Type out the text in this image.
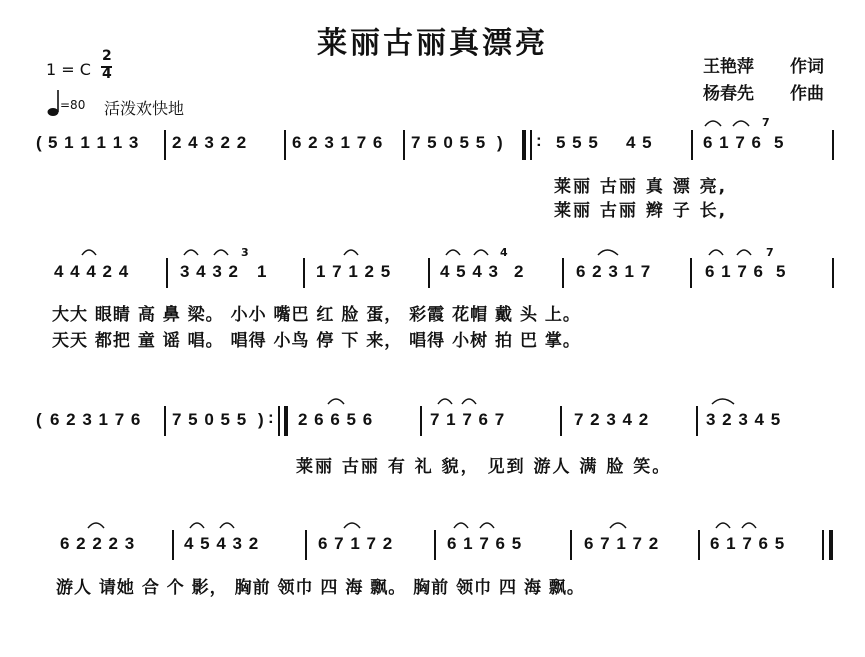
莱丽古丽真漂亮
王艳萍 作词
杨春先 作曲
1 = C
2
4
=80 活泼欢快地
( 5 1 1 1 1 3 2 4 3 2 2	6 2 3 1 7 6 7 5 0 5 5 ) : 5 5 5 4 5	6 1 7 6 5
7
莱丽 古丽 真 漂 亮,
莱丽 古丽 辫 子 长,
4 4 4 2 4	3 4 3 2 1
3
1 7 1 2 5	4 5 4 3 2
4
6 2 3 1 7	6 1 7 6 5
7
大大 眼睛 高 鼻 梁。 小小 嘴巴 红 脸 蛋， 彩霞 花帽 戴 头 上。
天天 都把 童 谣 唱。 唱得 小鸟 停 下 来， 唱得 小树 拍 巴 掌。
( 6 2 3 1 7 6 7 5 0 5 5 ) : 2 6 6 5 6	7 1 7 6 7	7 2 3 4 2	3 2 3 4 5
莱丽 古丽 有 礼 貌， 见到 游人 满 脸 笑。
6 2 2 2 3	4 5 4 3 2	6 7 1 7 2	6 1 7 6 5	6 7 1 7 2	6 1 7 6 5
游人 请她 合 个 影， 胸前 领巾 四 海 飘。 胸前 领巾 四 海 飘。
